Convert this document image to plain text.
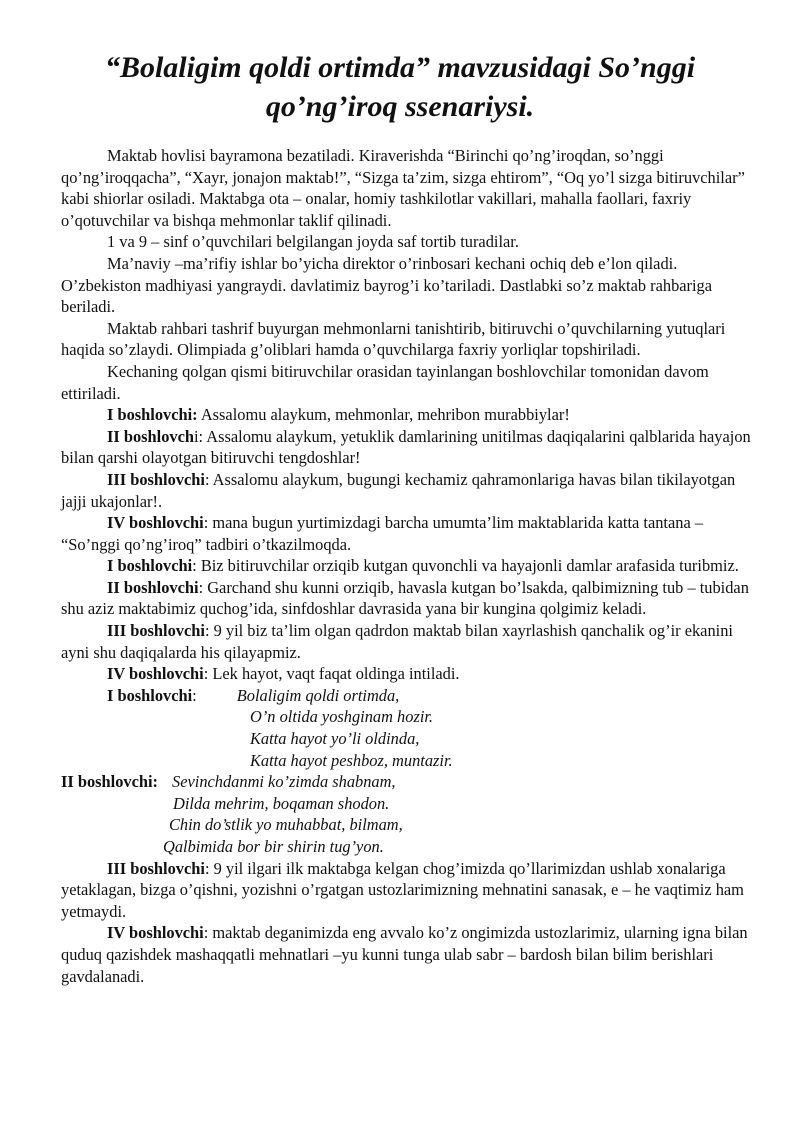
“Bolaligim qoldi ortimda” mavzusidagi So’nggi qo’ng’iroq ssenariysi.

Maktab hovlisi bayramona bezatiladi. Kiraverishda “Birinchi qo’ng’iroqdan, so’nggi qo’ng’iroqqacha”, “Xayr, jonajon maktab!”, “Sizga ta’zim, sizga ehtirom”, “Oq yo’l sizga bitiruvchilar” kabi shiorlar osiladi. Maktabga ota – onalar, homiy tashkilotlar vakillari, mahalla faollari, faxriy o’qotuvchilar va bishqa mehmonlar taklif qilinadi.

1 va 9 – sinf o’quvchilari belgilangan joyda saf tortib turadilar.

Ma’naviy –ma’rifiy ishlar bo’yicha direktor o’rinbosari kechani ochiq deb e’lon qiladi. O’zbekiston madhiyasi yangraydi. davlatimiz bayrog’i ko’tariladi. Dastlabki so’z maktab rahbariga beriladi.

Maktab rahbari tashrif buyurgan mehmonlarni tanishtirib, bitiruvchi o’quvchilarning yutuqlari haqida so’zlaydi. Olimpiada g’oliblari hamda o’quvchilarga faxriy yorliqlar topshiriladi.

Kechaning qolgan qismi bitiruvchilar orasidan tayinlangan boshlovchilar tomonidan davom ettiriladi.

I boshlovchi: Assalomu alaykum, mehmonlar, mehribon murabbiylar!

II boshlovchi: Assalomu alaykum, yetuklik damlarining unitilmas daqiqalarini qalblarida hayajon bilan qarshi olayotgan bitiruvchi tengdoshlar!

III boshlovchi: Assalomu alaykum, bugungi kechamiz qahramonlariga havas bilan tikilayotgan jajji ukajonlar!.

IV boshlovchi: mana bugun yurtimizdagi barcha umumta’lim maktablarida katta tantana – “So’nggi qo’ng’iroq” tadbiri o’tkazilmoqda.

I boshlovchi: Biz bitiruvchilar orziqib kutgan quvonchli va hayajonli damlar arafasida turibmiz.

II boshlovchi: Garchand shu kunni orziqib, havasla kutgan bo’lsakda, qalbimizning tub – tubidan shu aziz maktabimiz quchog’ida, sinfdoshlar davrasida yana bir kungina qolgimiz keladi.

III boshlovchi: 9 yil biz ta’lim olgan qadrdon maktab bilan xayrlashish qanchalik og’ir ekanini ayni shu daqiqalarda his qilayapmiz.

IV boshlovchi: Lek hayot, vaqt faqat oldinga intiladi.

I boshlovchi: Bolaligim qoldi ortimda,

O’n oltida yoshginam hozir.
Katta hayot yo’li oldinda,
Katta hayot peshboz, muntazir.

II boshlovchi: Sevinchdanmi ko’zimda shabnam,

Dilda mehrim, boqaman shodon.
Chin do’stlik yo muhabbat, bilmam,
Qalbimida bor bir shirin tug’yon.

III boshlovchi: 9 yil ilgari ilk maktabga kelgan chog’imizda qo’llarimizdan ushlab xonalariga yetaklagan, bizga o’qishni, yozishni o’rgatgan ustozlarimizning mehnatini sanasak, e – he vaqtimiz ham yetmaydi.

IV boshlovchi: maktab deganimizda eng avvalo ko’z ongimizda ustozlarimiz, ularning igna bilan quduq qazishdek mashaqqatli mehnatlari –yu kunni tunga ulab sabr – bardosh bilan bilim berishlari gavdalanadi.
